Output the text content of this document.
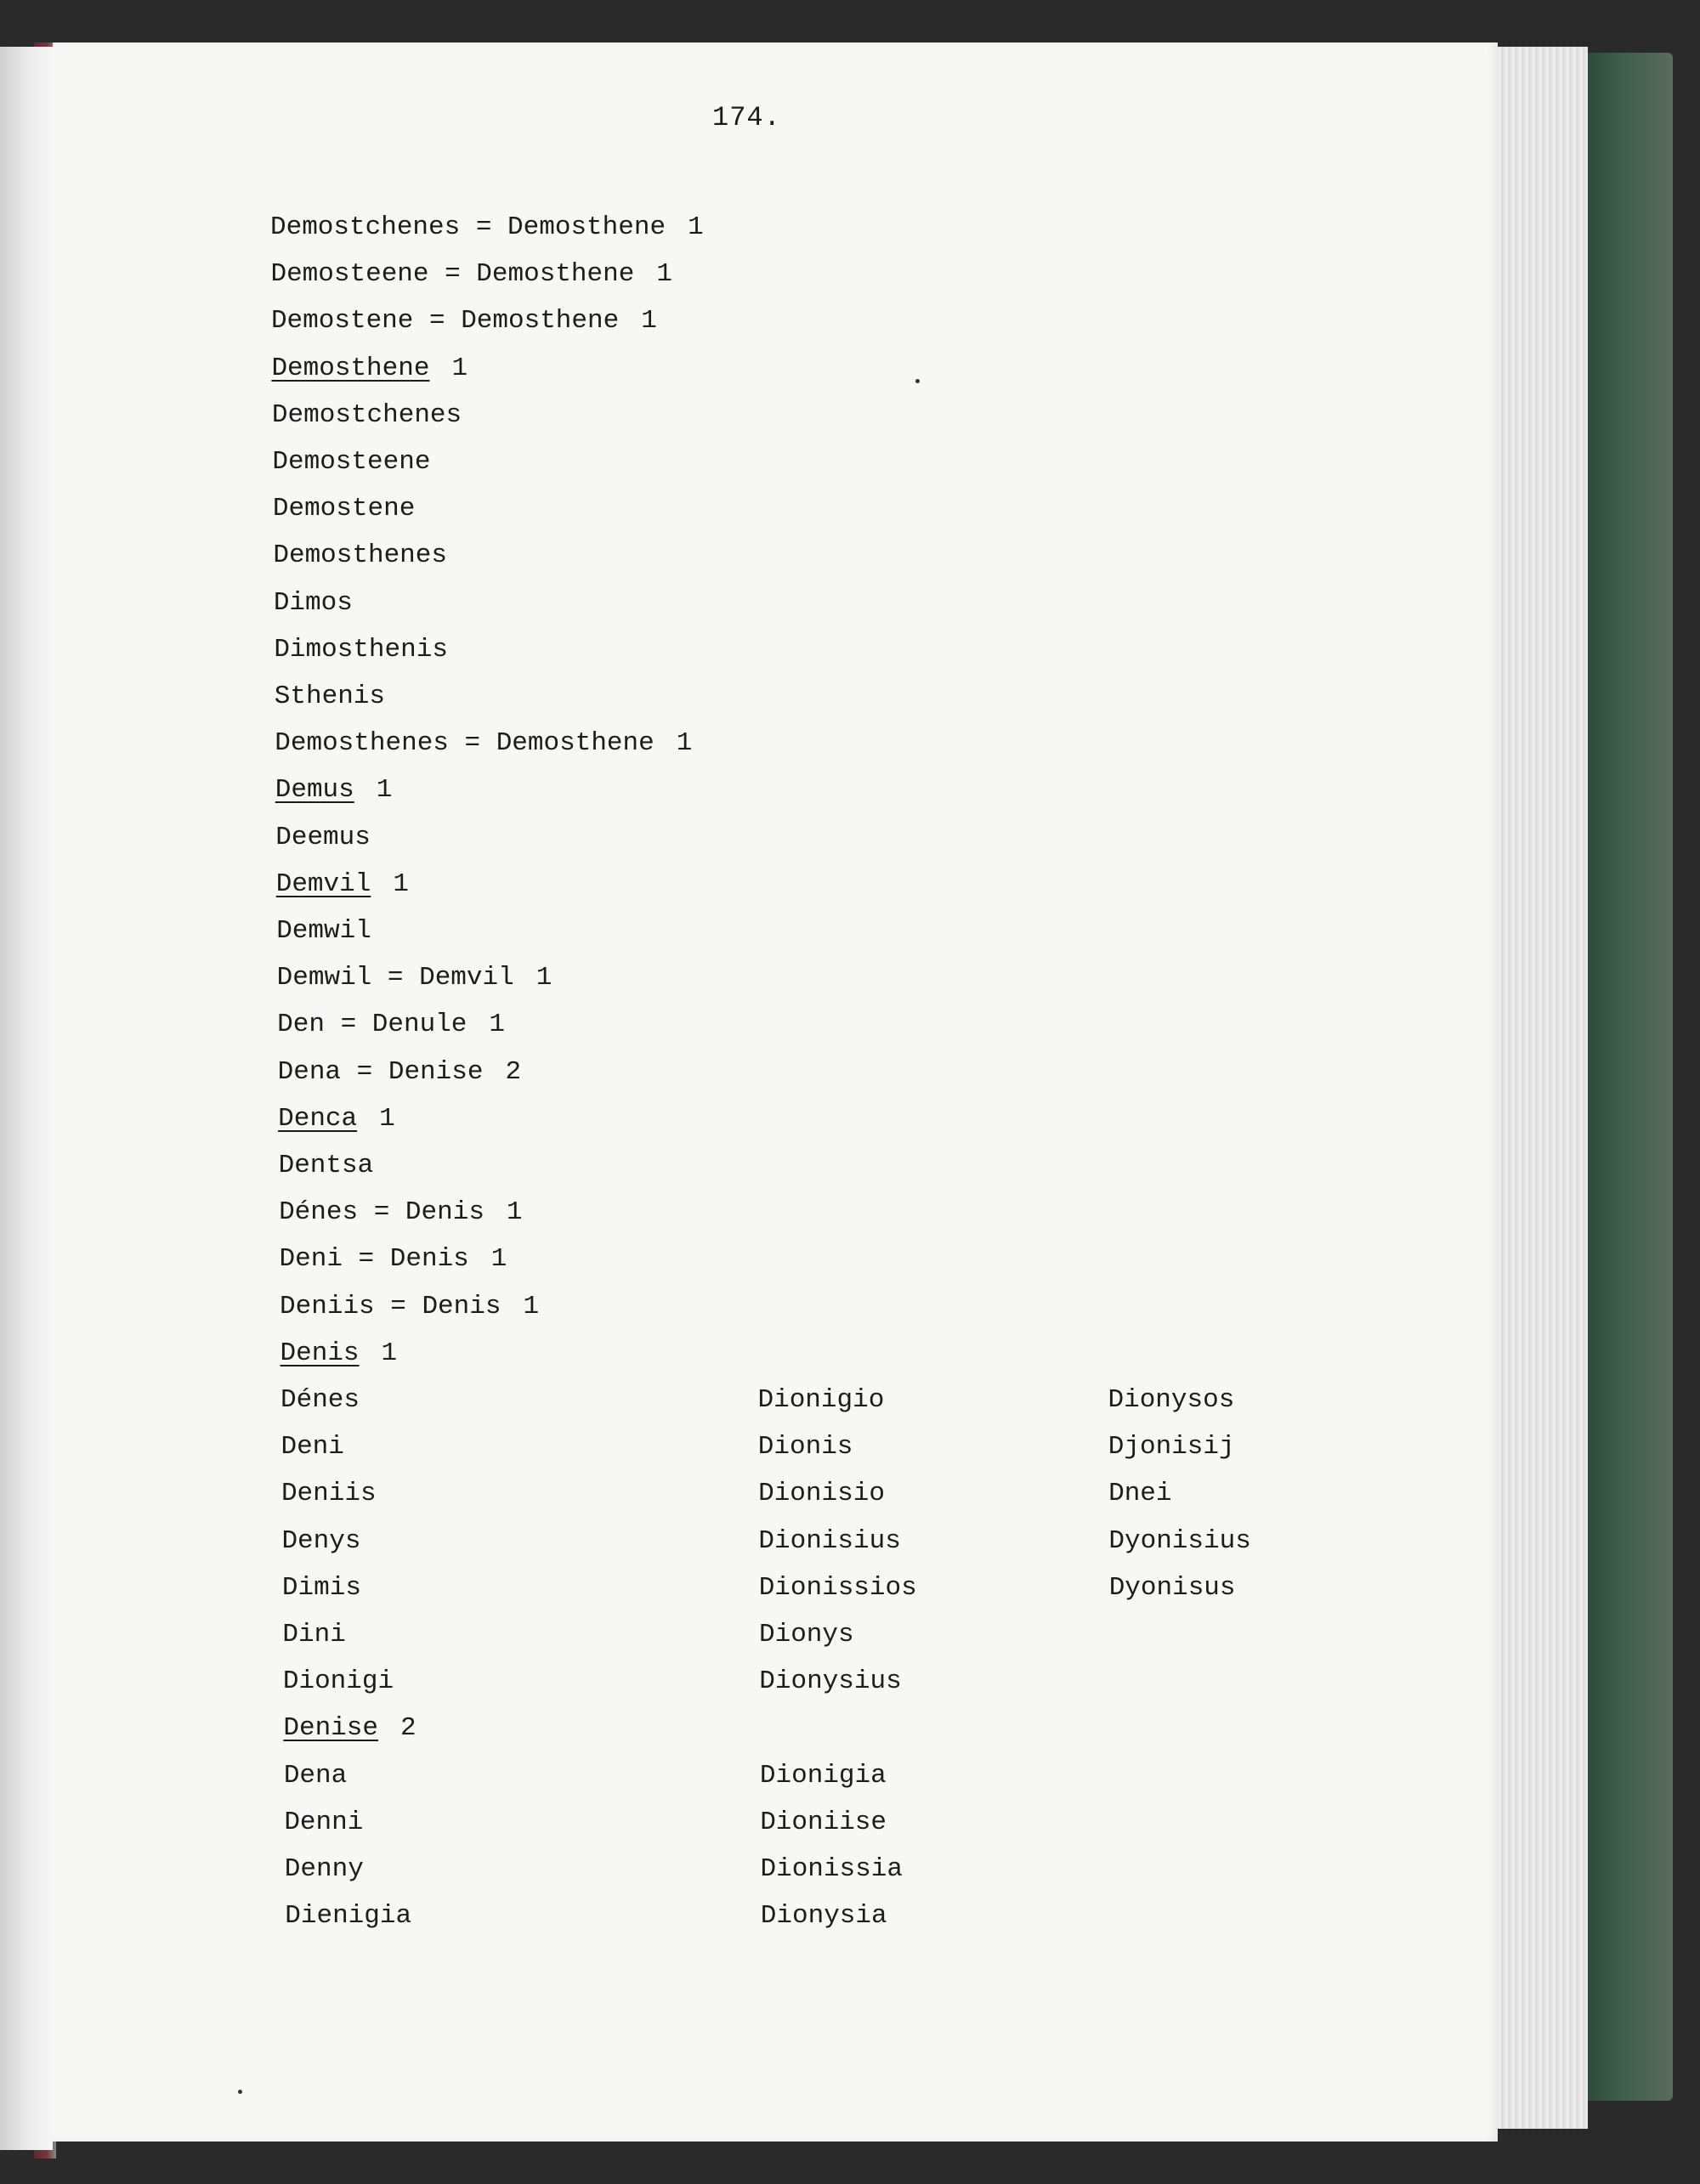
174.
Demostchenes = Demosthene 1
Demosteene = Demosthene 1
Demostene = Demosthene 1
Demosthene 1
Demostchenes
Demosteene
Demostene
Demosthenes
Dimos
Dimosthenis
Sthenis
Demosthenes = Demosthene 1
Demus 1
Deemus
Demvil 1
Demwil
Demwil = Demvil 1
Den = Denule 1
Dena = Denise 2
Denca 1
Dentsa
Dénes = Denis 1
Deni = Denis 1
Deniis = Denis 1
Denis 1
Dénes
Deni
Deniis
Denys
Dimis
Dini
Dionigi
Denise 2
Dena
Denni
Denny
Dienigia
Dionigio
Dionis
Dionisio
Dionisius
Dionissios
Dionys
Dionysius
Dionysos
Djonisij
Dnei
Dyonisius
Dyonisus
Dionigia
Dioniise
Dionissia
Dionysia
